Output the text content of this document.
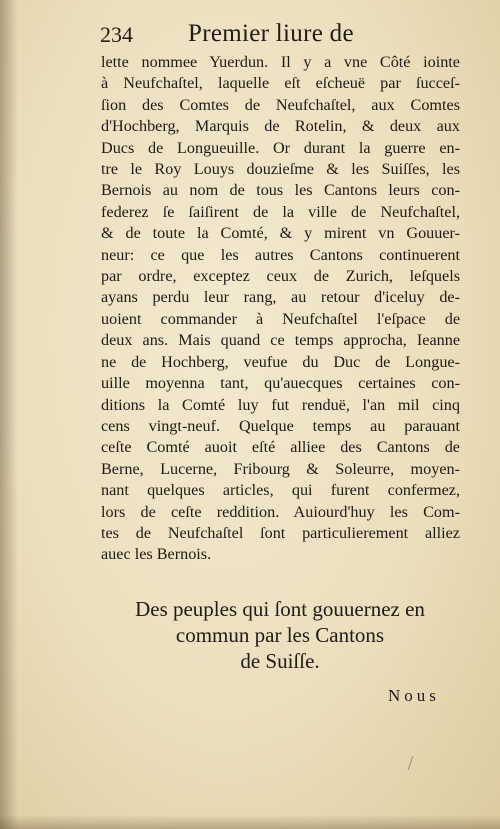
234 Premier liure de
lette nommee Yuerdun. Il y a vne Côté iointe
à Neufchaſtel, laquelle eſt eſcheuë par ſucceſ-
ſion des Comtes de Neufchaſtel, aux Comtes
d'Hochberg, Marquis de Rotelin, & deux aux
Ducs de Longueuille. Or durant la guerre en-
tre le Roy Louys douzieſme & les Suiſſes, les
Bernois au nom de tous les Cantons leurs con-
federez ſe ſaiſirent de la ville de Neufchaſtel,
& de toute la Comté, & y mirent vn Gouuer-
neur: ce que les autres Cantons continuerent
par ordre, exceptez ceux de Zurich, leſquels
ayans perdu leur rang, au retour d'iceluy de-
uoient commander à Neufchaſtel l'eſpace de
deux ans. Mais quand ce temps approcha, Ieanne
ne de Hochberg, veufue du Duc de Longue-
uille moyenna tant, qu'auecques certaines con-
ditions la Comté luy fut renduë, l'an mil cinq
cens vingt-neuf. Quelque temps au parauant
ceſte Comté auoit eſté alliee des Cantons de
Berne, Lucerne, Fribourg & Soleurre, moyen-
nant quelques articles, qui furent confermez,
lors de ceſte reddition. Auiourd'huy les Com-
tes de Neufchaſtel ſont particulierement alliez
auec les Bernois.
Des peuples qui ſont gouuernez en
commun par les Cantons
de Suiſſe.
Nous
